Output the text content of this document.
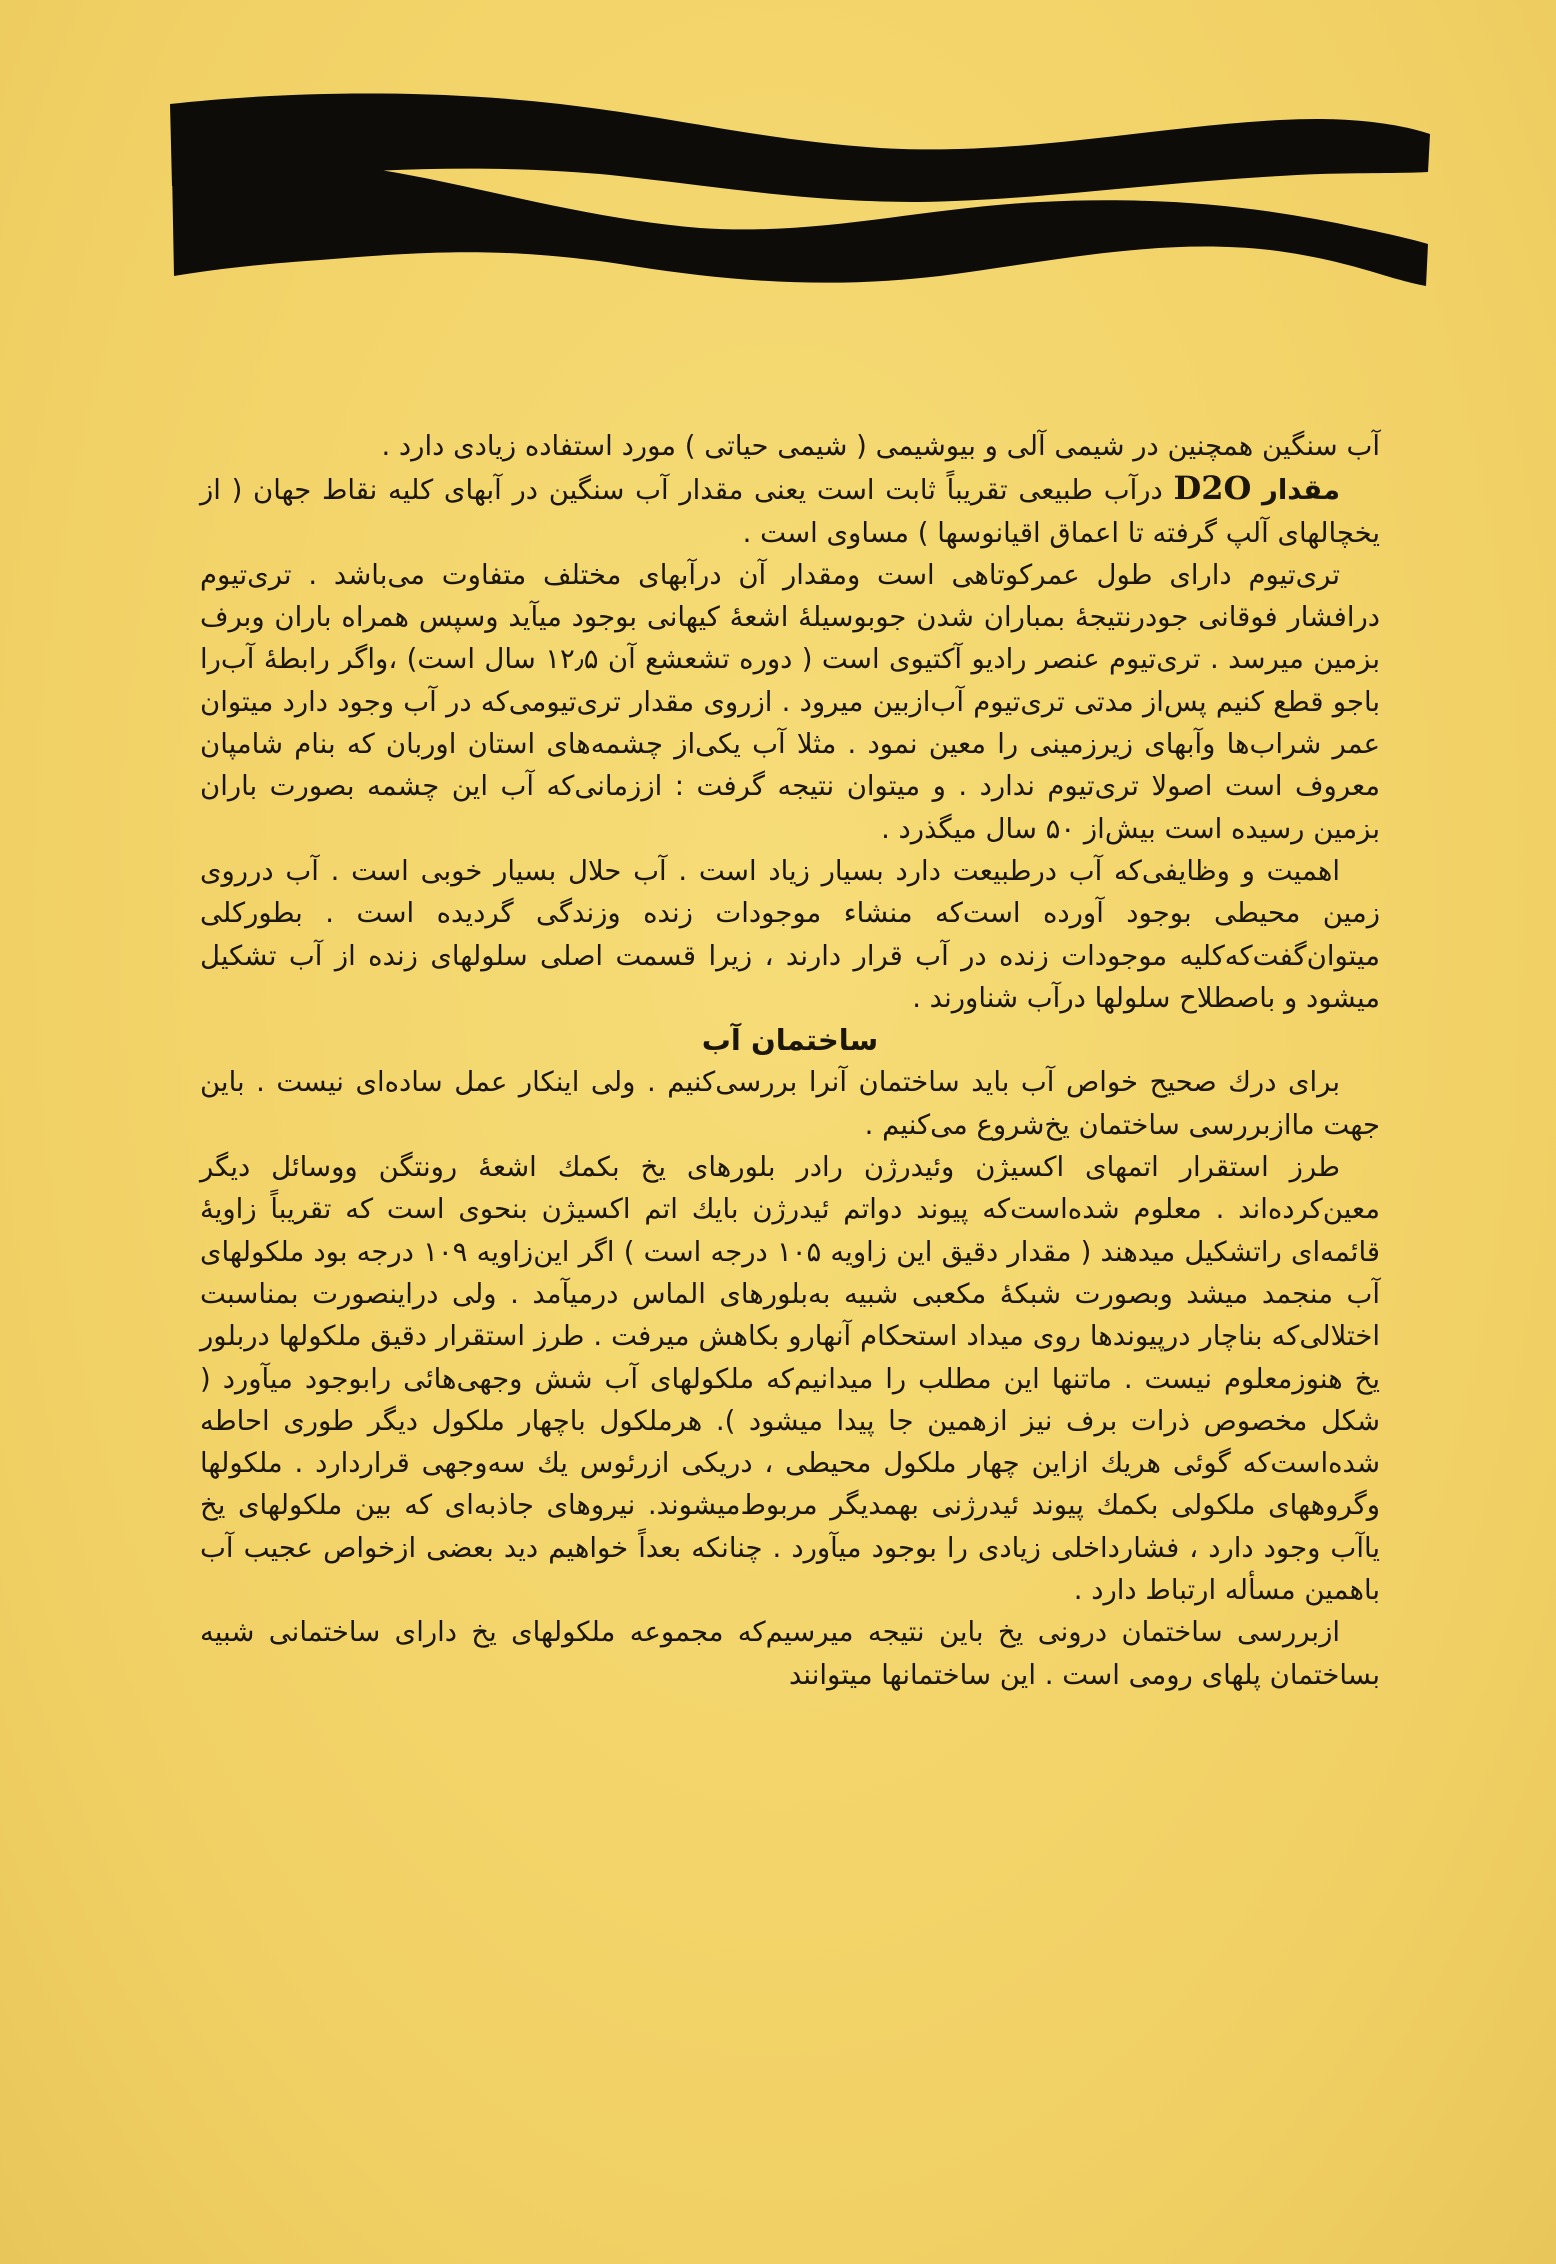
آب سنگین همچنین در شیمی آلی و بیوشیمی ( شیمی حیاتی ) مورد استفاده زیادی دارد .

مقدار D2O درآب طبیعی تقریباً ثابت است یعنی مقدار آب سنگین در آبهای کلیه نقاط جهان ( از یخچالهای آلپ گرفته تا اعماق اقیانوسها ) مساوی است .

تری‌تیوم دارای طول عمرکوتاهی است ومقدار آن درآبهای مختلف متفاوت می‌باشد . تری‌تیوم درافشار فوقانی جودرنتیجهٔ بمباران شدن جوبوسیلهٔ اشعهٔ کیهانی بوجود میآید وسپس همراه باران وبرف بزمین میرسد . تری‌تیوم عنصر رادیو آکتیوی است ( دوره تشعشع آن ۱۲٫۵ سال است) ،واگر رابطهٔ آب‌را باجو قطع کنیم پس‌از مدتی تری‌تیوم آب‌ازبین میرود . ازروی مقدار تری‌تیومی‌که در آب وجود دارد میتوان عمر شراب‌ها وآبهای زیرزمینی را معین نمود . مثلا آب یکی‌از چشمه‌های استان اوربان که بنام شامپان معروف است اصولا تری‌تیوم ندارد . و میتوان نتیجه گرفت : اززمانی‌که آب این چشمه بصورت باران بزمین رسیده است بیش‌از ۵۰ سال میگذرد .

اهمیت و وظایفی‌که آب درطبیعت دارد بسیار زیاد است . آب حلال بسیار خوبی است . آب درروی زمین محیطی بوجود آورده است‌که منشاء موجودات زنده وزندگی گردیده است . بطورکلی میتوان‌گفت‌که‌کلیه موجودات زنده در آب قرار دارند ، زیرا قسمت اصلی سلولهای زنده از آب تشکیل میشود و باصطلاح سلولها درآب شناورند .

ساختمان آب

برای درك صحیح خواص آب باید ساختمان آنرا بررسی‌کنیم . ولی اینکار عمل ساده‌ای نیست . باین جهت ماازبررسی ساختمان یخ‌شروع می‌کنیم .

طرز استقرار اتمهای اکسیژن وئیدرژن رادر بلورهای یخ بکمك اشعهٔ رونتگن ووسائل دیگر معین‌کرده‌اند . معلوم شده‌است‌که پیوند دواتم ئیدرژن بایك اتم اکسیژن بنحوی است که تقریباً زاویهٔ قائمه‌ای راتشکیل میدهند ( مقدار دقیق این زاویه ۱۰۵ درجه است ) اگر این‌زاویه ۱۰۹ درجه بود ملکولهای آب منجمد میشد وبصورت شبکهٔ مکعبی شبیه به‌بلورهای الماس درمیآمد . ولی دراینصورت بمناسبت اختلالی‌که بناچار درپیوندها روی میداد استحکام آنهارو بکاهش میرفت . طرز استقرار دقیق ملکولها دربلور یخ هنوزمعلوم نیست . ماتنها این مطلب را میدانیم‌که ملکولهای آب شش وجهی‌هائی رابوجود میآورد ( شکل مخصوص ذرات برف نیز ازهمین جا پیدا میشود ). هرملکول باچهار ملکول دیگر طوری احاطه شده‌است‌که گوئی هریك ازاین چهار ملکول محیطی ، دریکی ازرئوس یك سه‌وجهی قراردارد . ملکولها وگروههای ملکولی بکمك پیوند ئیدرژنی بهمدیگر مربوط‌میشوند. نیروهای جاذبه‌ای که بین ملکولهای یخ یاآب وجود دارد ، فشارداخلی زیادی را بوجود میآورد . چنانکه بعداً خواهیم دید بعضی ازخواص عجیب آب باهمین مسأله ارتباط دارد .

ازبررسی ساختمان درونی یخ باین نتیجه میرسیم‌که مجموعه ملکولهای یخ دارای ساختمانی شبیه بساختمان پلهای رومی است . این ساختمانها میتوانند
